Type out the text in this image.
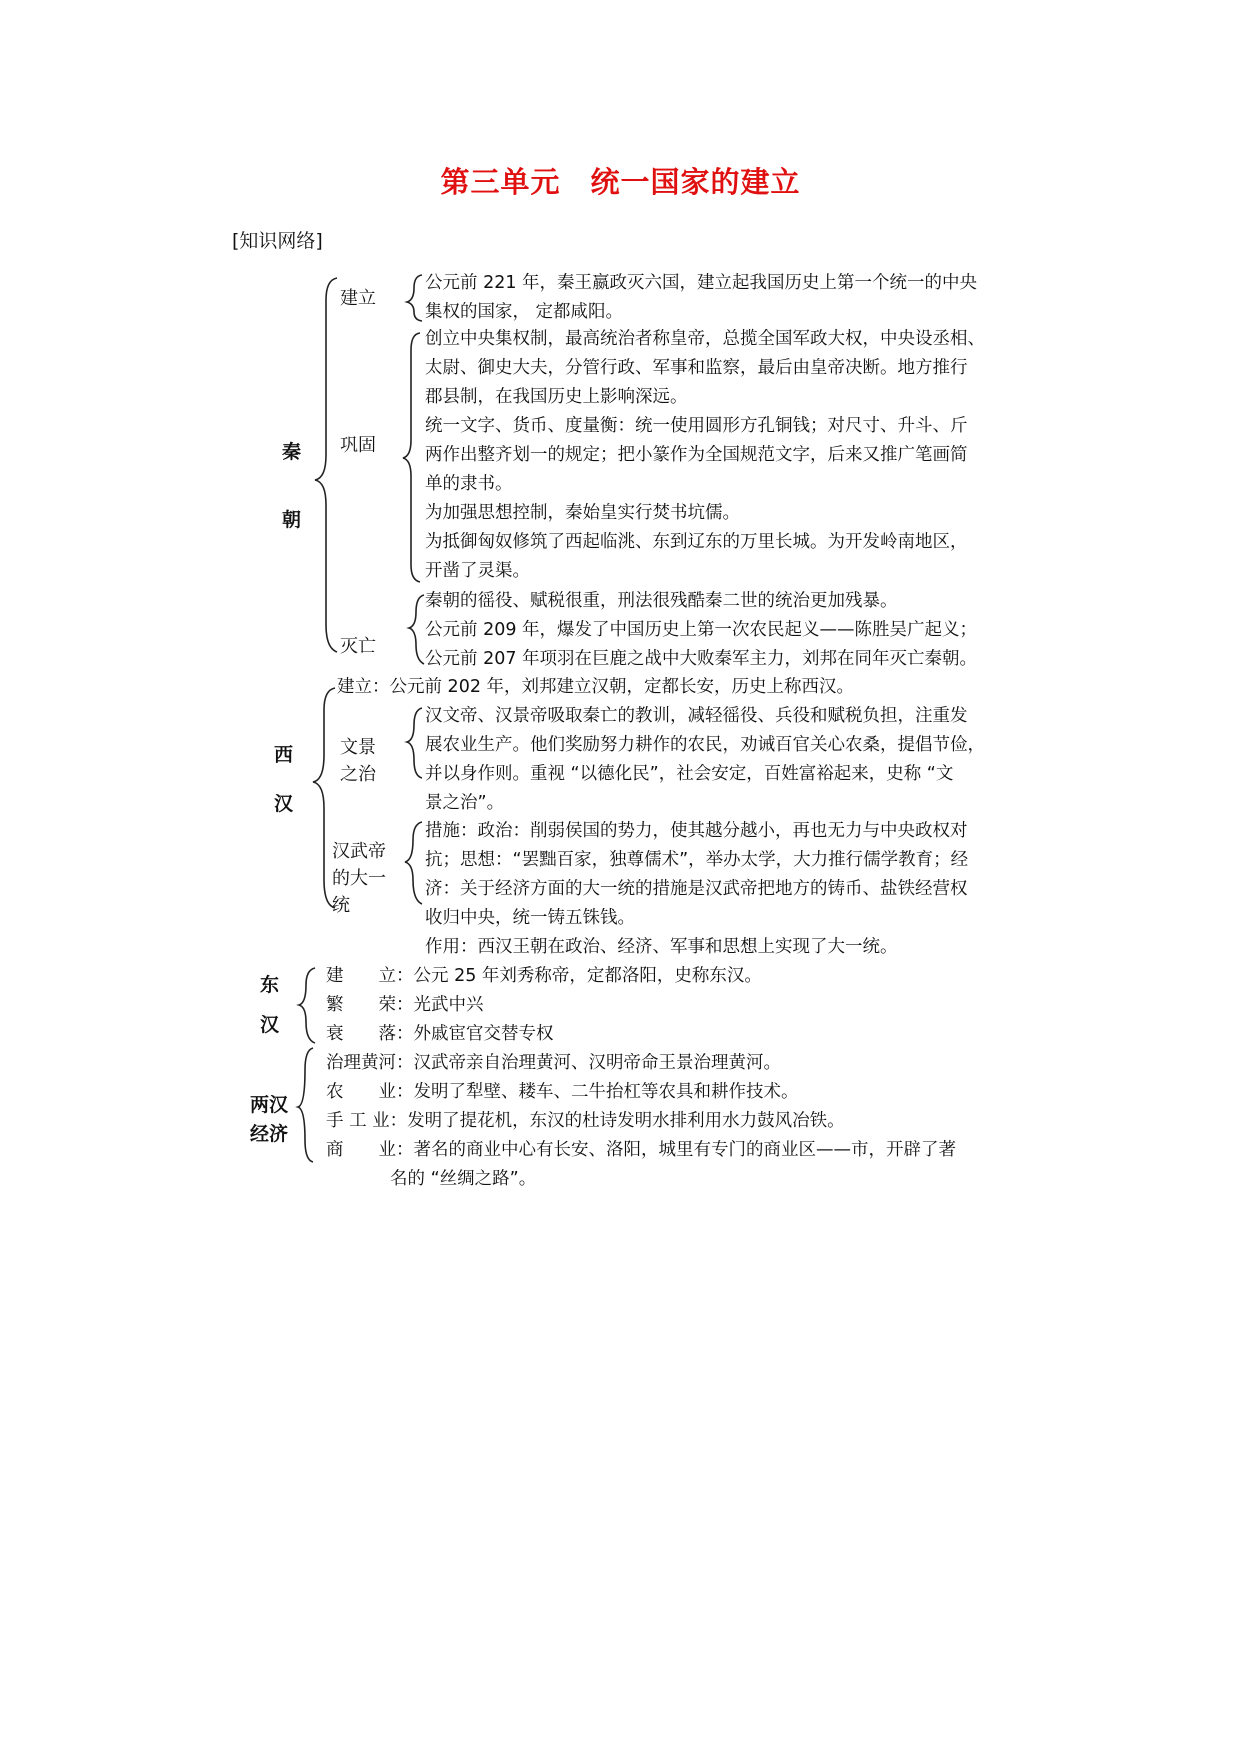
第三单元　统一国家的建立
[知识网络]
秦
朝
建立
公元前 221 年，秦王嬴政灭六国，建立起我国历史上第一个统一的中央
集权的国家， 定都咸阳。
巩固
创立中央集权制，最高统治者称皇帝，总揽全国军政大权，中央设丞相、
太尉、御史大夫，分管行政、军事和监察，最后由皇帝决断。地方推行
郡县制，在我国历史上影响深远。
统一文字、货币、度量衡：统一使用圆形方孔铜钱；对尺寸、升斗、斤
两作出整齐划一的规定；把小篆作为全国规范文字，后来又推广笔画简
单的隶书。
为加强思想控制，秦始皇实行焚书坑儒。
为抵御匈奴修筑了西起临洮、东到辽东的万里长城。为开发岭南地区，
开凿了灵渠。
灭亡
秦朝的徭役、赋税很重，刑法很残酷秦二世的统治更加残暴。
公元前 209 年，爆发了中国历史上第一次农民起义——陈胜吴广起义；
公元前 207 年项羽在巨鹿之战中大败秦军主力，刘邦在同年灭亡秦朝。
西
汉
建立：公元前 202 年，刘邦建立汉朝，定都长安，历史上称西汉。
文景
之治
汉文帝、汉景帝吸取秦亡的教训，减轻徭役、兵役和赋税负担，注重发
展农业生产。他们奖励努力耕作的农民，劝诫百官关心农桑，提倡节俭，
并以身作则。重视 “以德化民”，社会安定，百姓富裕起来，史称 “文
景之治”。
汉武帝
的大一
统
措施：政治：削弱侯国的势力，使其越分越小，再也无力与中央政权对
抗；思想：“罢黜百家，独尊儒术”，举办太学，大力推行儒学教育；经
济：关于经济方面的大一统的措施是汉武帝把地方的铸币、盐铁经营权
收归中央，统一铸五铢钱。
作用：西汉王朝在政治、经济、军事和思想上实现了大一统。
东
汉
建　　立：公元 25 年刘秀称帝，定都洛阳，史称东汉。
繁　　荣：光武中兴
衰　　落：外戚宦官交替专权
两汉
经济
治理黄河：汉武帝亲自治理黄河、汉明帝命王景治理黄河。
农　　业：发明了犁壁、耧车、二牛抬杠等农具和耕作技术。
手 工 业：发明了提花机，东汉的杜诗发明水排利用水力鼓风冶铁。
商　　业：著名的商业中心有长安、洛阳，城里有专门的商业区——市，开辟了著
名的 “丝绸之路”。
